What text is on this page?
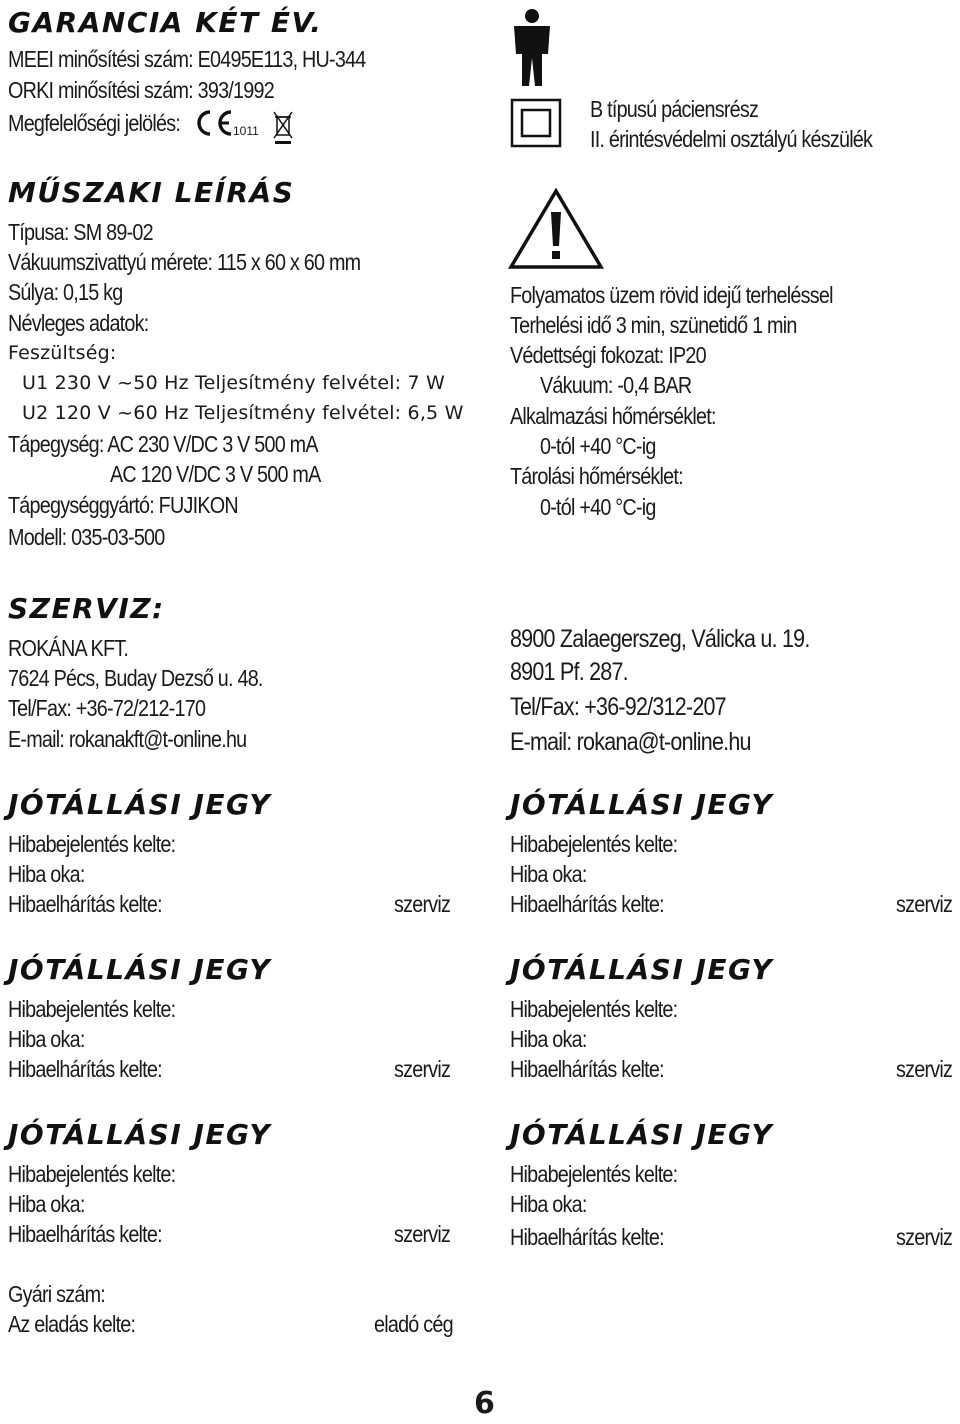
GARANCIA KÉT ÉV.
MEEI minősítési szám: E0495E113, HU-344
ORKI minősítési szám: 393/1992
Megfelelőségi jelölés:	1011
MŰSZAKI LEÍRÁS
Típusa: SM 89-02
Vákuumszivattyú mérete: 115 x 60 x 60 mm
Súlya: 0,15 kg
Névleges adatok:
Feszültség:
U1 230 V ~50 Hz Teljesítmény felvétel: 7 W
U2 120 V ~60 Hz Teljesítmény felvétel: 6,5 W
Tápegység: AC 230 V/DC 3 V 500 mA
AC 120 V/DC 3 V 500 mA
Tápegységgyártó: FUJIKON
Modell: 035-03-500
B típusú páciensrész
II. érintésvédelmi osztályú készülék
Folyamatos üzem rövid idejű terheléssel
Terhelési idő 3 min, szünetidő 1 min
Védettségi fokozat: IP20
Vákuum: -0,4 BAR
Alkalmazási hőmérséklet:
0-tól +40 °C-ig
Tárolási hőmérséklet:
0-tól +40 °C-ig
SZERVIZ:
ROKÁNA KFT.
7624 Pécs, Buday Dezső u. 48.
Tel/Fax: +36-72/212-170
E-mail: rokanakft@t-online.hu
8900 Zalaegerszeg, Válicka u. 19.
8901 Pf. 287.
Tel/Fax: +36-92/312-207
E-mail: rokana@t-online.hu
JÓTÁLLÁSI JEGY
Hibabejelentés kelte:
Hiba oka:
Hibaelhárítás kelte:	szerviz
JÓTÁLLÁSI JEGY
Hibabejelentés kelte:
Hiba oka:
Hibaelhárítás kelte:	szerviz
JÓTÁLLÁSI JEGY
Hibabejelentés kelte:
Hiba oka:
Hibaelhárítás kelte:	szerviz
JÓTÁLLÁSI JEGY
Hibabejelentés kelte:
Hiba oka:
Hibaelhárítás kelte:	szerviz
JÓTÁLLÁSI JEGY
Hibabejelentés kelte:
Hiba oka:
Hibaelhárítás kelte:	szerviz
JÓTÁLLÁSI JEGY
Hibabejelentés kelte:
Hiba oka:
Hibaelhárítás kelte:	szerviz
Gyári szám:
Az eladás kelte:	eladó cég
6
